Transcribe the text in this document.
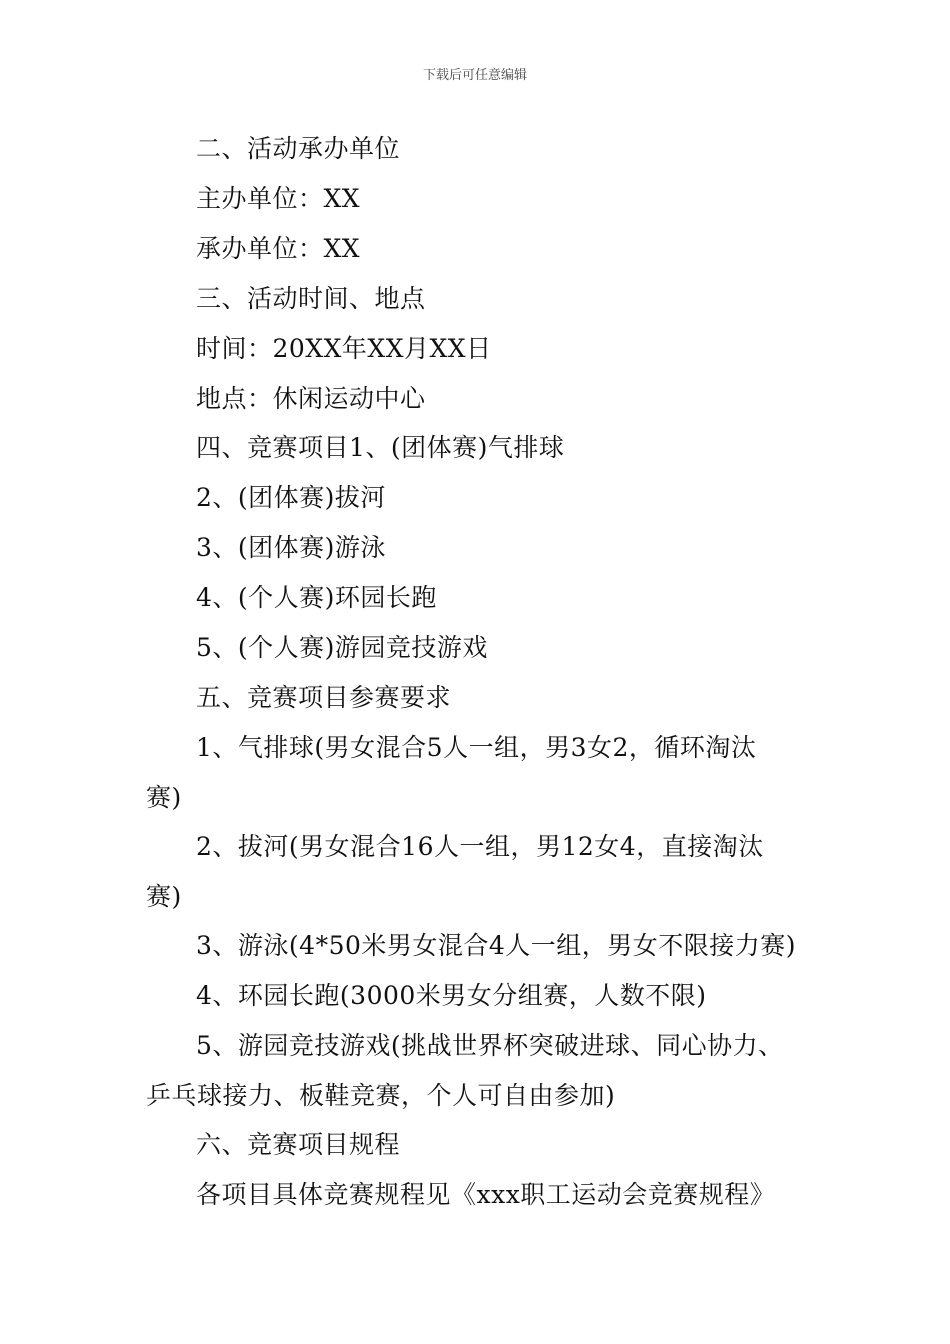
下载后可任意编辑
二、活动承办单位
主办单位：XX
承办单位：XX
三、活动时间、地点
时间：20XX年XX月XX日
地点：休闲运动中心
四、竞赛项目1、(团体赛)气排球
2、(团体赛)拔河
3、(团体赛)游泳
4、(个人赛)环园长跑
5、(个人赛)游园竞技游戏
五、竞赛项目参赛要求
1、气排球(男女混合5人一组，男3女2，循环淘汰
赛)
2、拔河(男女混合16人一组，男12女4，直接淘汰
赛)
3、游泳(4*50米男女混合4人一组，男女不限接力赛)
4、环园长跑(3000米男女分组赛，人数不限)
5、游园竞技游戏(挑战世界杯突破进球、同心协力、
乒乓球接力、板鞋竞赛，个人可自由参加)
六、竞赛项目规程
各项目具体竞赛规程见《xxx职工运动会竞赛规程》
